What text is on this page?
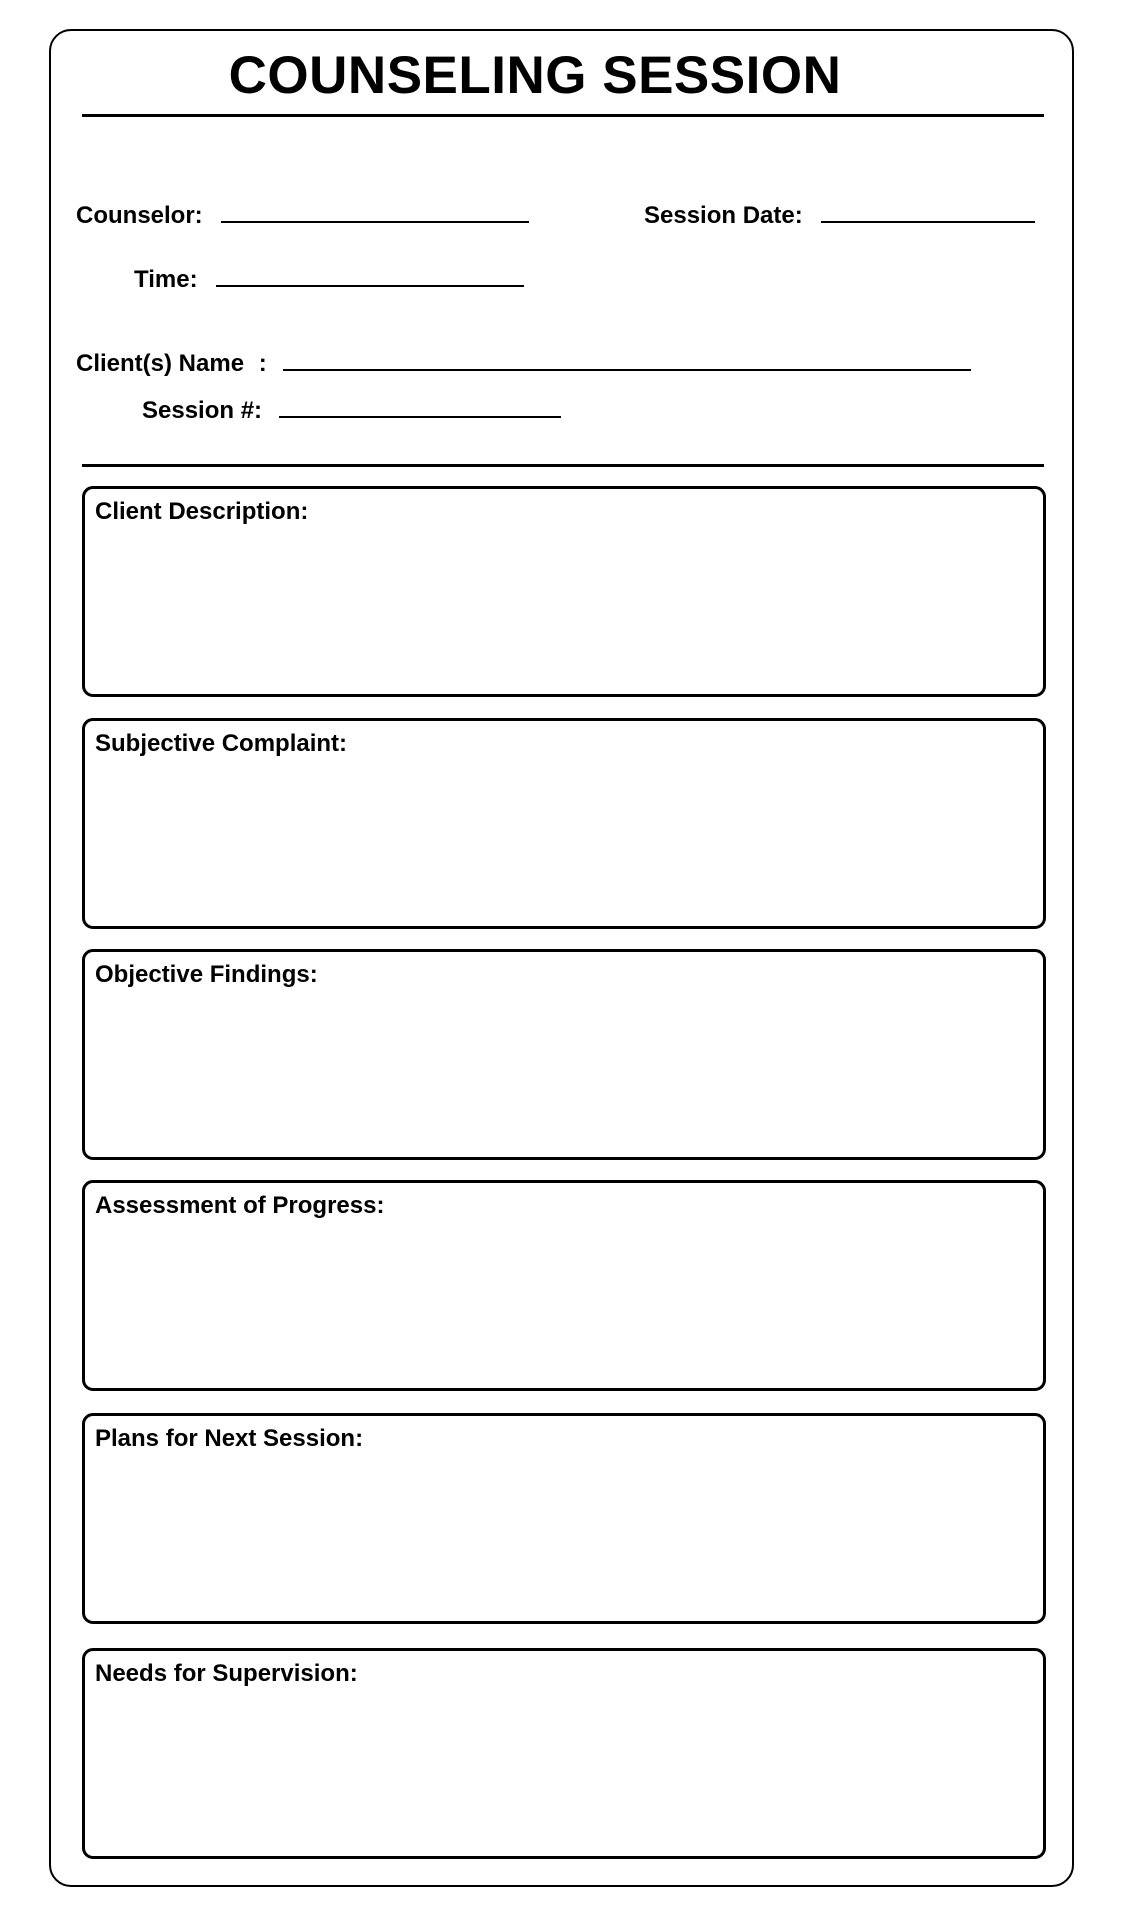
COUNSELING SESSION
Counselor:	Session Date:
Time:
Client(s) Name :
Session #:
Client Description:
Subjective Complaint:
Objective Findings:
Assessment of Progress:
Plans for Next Session:
Needs for Supervision:
